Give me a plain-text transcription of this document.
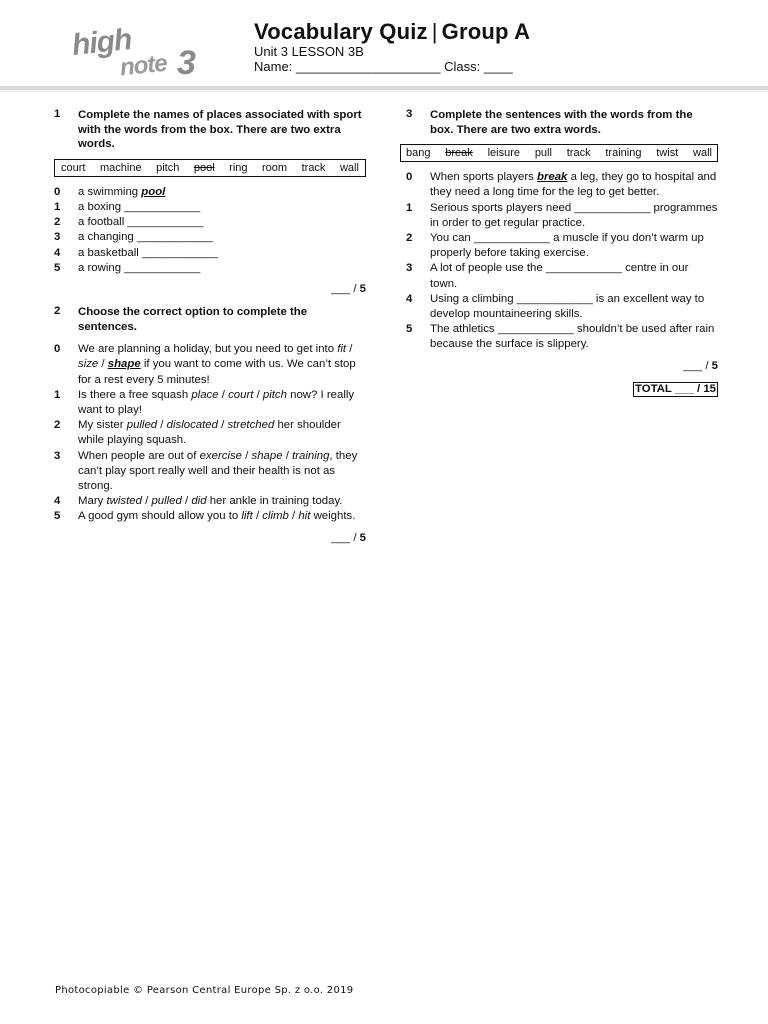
high
note 3
Vocabulary Quiz | Group A
Unit 3 LESSON 3B
Name: ____________________ Class: ____
1	Complete the names of places associated with sport with the words from the box. There are two extra words.
court machine pitch pool ring room track wall
0	a swimming pool
1	a boxing ____________
2	a football ____________
3	a changing ____________
4	a basketball ____________
5	a rowing ____________
___ / 5
2	Choose the correct option to complete the sentences.
0	We are planning a holiday, but you need to get into fit / size / shape if you want to come with us. We can’t stop for a rest every 5 minutes!
1	Is there a free squash place / court / pitch now? I really want to play!
2	My sister pulled / dislocated / stretched her shoulder while playing squash.
3	When people are out of exercise / shape / training, they can’t play sport really well and their health is not as strong.
4	Mary twisted / pulled / did her ankle in training today.
5	A good gym should allow you to lift / climb / hit weights.
___ / 5
3	Complete the sentences with the words from the box. There are two extra words.
bang break leisure pull track training twist wall
0	When sports players break a leg, they go to hospital and they need a long time for the leg to get better.
1	Serious sports players need ____________ programmes in order to get regular practice.
2	You can ____________ a muscle if you don’t warm up properly before taking exercise.
3	A lot of people use the ____________ centre in our town.
4	Using a climbing ____________ is an excellent way to develop mountaineering skills.
5	The athletics ____________ shouldn’t be used after rain because the surface is slippery.
___ / 5
TOTAL ___ / 15
Photocopiable © Pearson Central Europe Sp. z o.o. 2019
